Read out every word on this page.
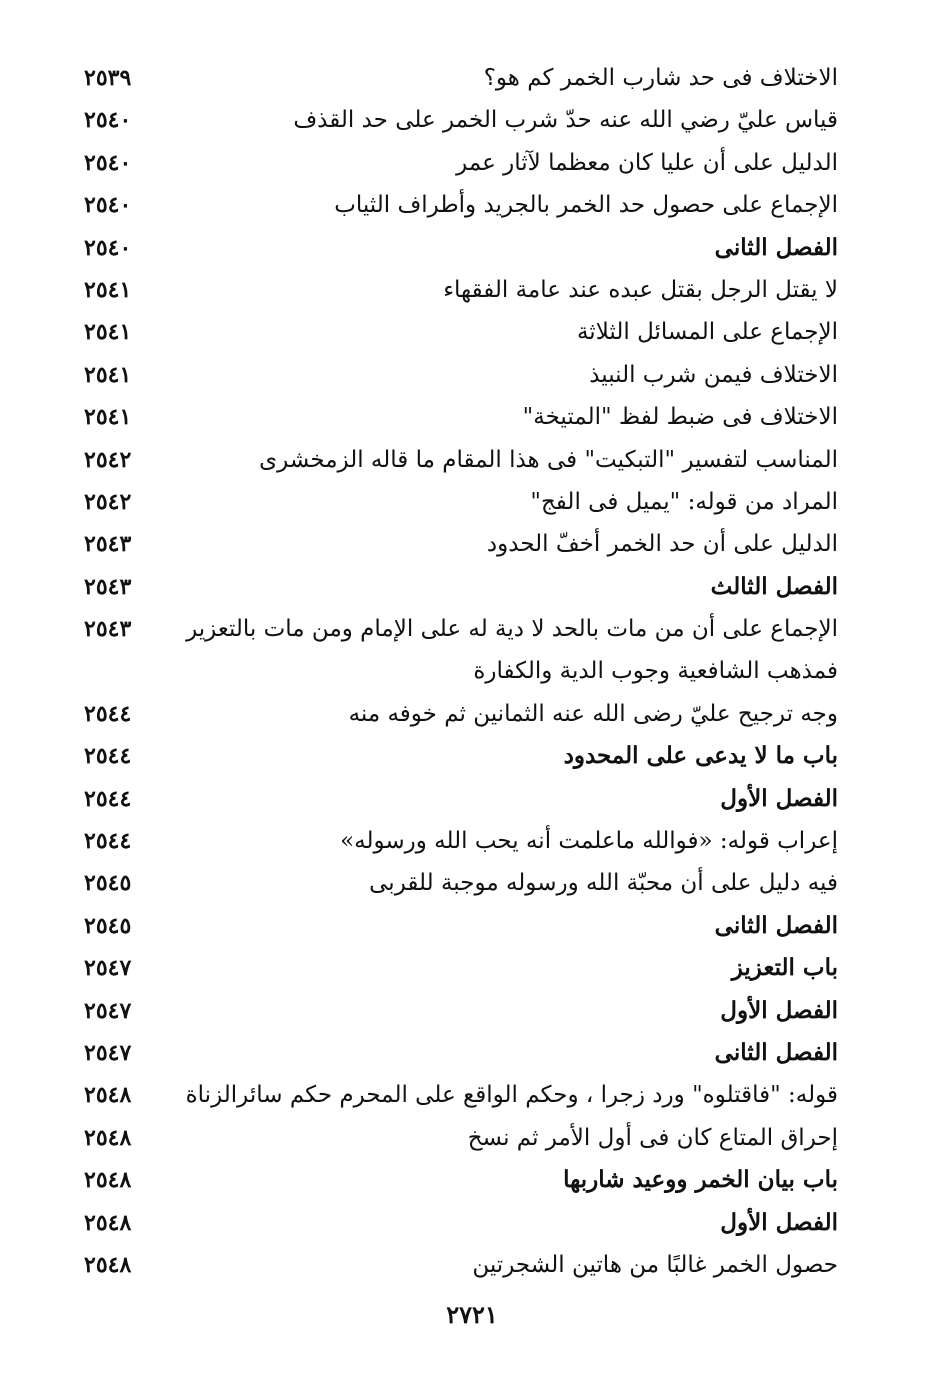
الاختلاف فى حد شارب الخمر كم هو؟
٢٥٣٩
قياس عليّ رضي الله عنه حدّ شرب الخمر على حد القذف
٢٥٤٠
الدليل على أن عليا كان معظما لآثار عمر
٢٥٤٠
الإجماع على حصول حد الخمر بالجريد وأطراف الثياب
٢٥٤٠
الفصل الثانى
٢٥٤٠
لا يقتل الرجل بقتل عبده عند عامة الفقهاء
٢٥٤١
الإجماع على المسائل الثلاثة
٢٥٤١
الاختلاف فيمن شرب النبيذ
٢٥٤١
الاختلاف فى ضبط لفظ "المتيخة"
٢٥٤١
المناسب لتفسير "التبكيت" فى هذا المقام ما قاله الزمخشرى
٢٥٤٢
المراد من قوله: "يميل فى الفج"
٢٥٤٢
الدليل على أن حد الخمر أخفّ الحدود
٢٥٤٣
الفصل الثالث
٢٥٤٣
الإجماع على أن من مات بالحد لا دية له على الإمام ومن مات بالتعزير
٢٥٤٣
فمذهب الشافعية وجوب الدية والكفارة
وجه ترجيح عليّ رضى الله عنه الثمانين ثم خوفه منه
٢٥٤٤
باب ما لا يدعى على المحدود
٢٥٤٤
الفصل الأول
٢٥٤٤
إعراب قوله: «فوالله ماعلمت أنه يحب الله ورسوله»
٢٥٤٤
فيه دليل على أن محبّة الله ورسوله موجبة للقربى
٢٥٤٥
الفصل الثانى
٢٥٤٥
باب التعزيز
٢٥٤٧
الفصل الأول
٢٥٤٧
الفصل الثانى
٢٥٤٧
قوله: "فاقتلوه" ورد زجرا ، وحكم الواقع على المحرم حكم سائرالزناة
٢٥٤٨
إحراق المتاع كان فى أول الأمر ثم نسخ
٢٥٤٨
باب بيان الخمر ووعيد شاربها
٢٥٤٨
الفصل الأول
٢٥٤٨
حصول الخمر غالبًا من هاتين الشجرتين
٢٥٤٨
٢٧٢١
